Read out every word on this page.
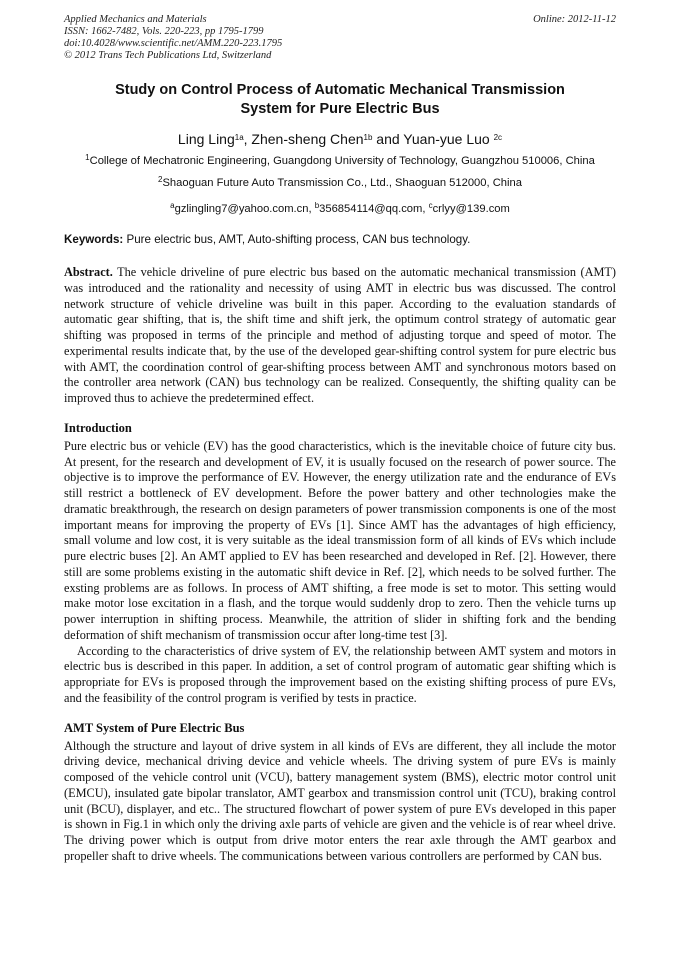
Applied Mechanics and Materials
ISSN: 1662-7482, Vols. 220-223, pp 1795-1799
doi:10.4028/www.scientific.net/AMM.220-223.1795
© 2012 Trans Tech Publications Ltd, Switzerland
Online: 2012-11-12
Study on Control Process of Automatic Mechanical Transmission
System for Pure Electric Bus
Ling Ling$^{1a}$, Zhen-sheng Chen$^{1b}$ and Yuan-yue Luo $^{2c}$
$^1$College of Mechatronic Engineering, Guangdong University of Technology, Guangzhou 510006, China
$^2$Shaoguan Future Auto Transmission Co., Ltd., Shaoguan 512000, China
$^a$gzlingling7@yahoo.com.cn, $^b$356854114@qq.com, $^c$crlyy@139.com
Keywords: Pure electric bus, AMT, Auto-shifting process, CAN bus technology.
Abstract. The vehicle driveline of pure electric bus based on the automatic mechanical transmission (AMT) was introduced and the rationality and necessity of using AMT in electric bus was discussed. The control network structure of vehicle driveline was built in this paper. According to the evaluation standards of automatic gear shifting, that is, the shift time and shift jerk, the optimum control strategy of automatic gear shifting was proposed in terms of the principle and method of adjusting torque and speed of motor. The experimental results indicate that, by the use of the developed gear-shifting control system for pure electric bus with AMT, the coordination control of gear-shifting process between AMT and synchronous motors based on the controller area network (CAN) bus technology can be realized. Consequently, the shifting quality can be improved thus to achieve the predetermined effect.
Introduction

Pure electric bus or vehicle (EV) has the good characteristics, which is the inevitable choice of future city bus. At present, for the research and development of EV, it is usually focused on the research of power source. The objective is to improve the performance of EV. However, the energy utilization rate and the endurance of EVs still restrict a bottleneck of EV development. Before the power battery and other technologies make the dramatic breakthrough, the research on design parameters of power transmission components is one of the most important means for improving the property of EVs [1]. Since AMT has the advantages of high efficiency, small volume and low cost, it is very suitable as the ideal transmission form of all kinds of EVs which include pure electric buses [2]. An AMT applied to EV has been researched and developed in Ref. [2]. However, there still are some problems existing in the automatic shift device in Ref. [2], which needs to be solved further. The exsting problems are as follows. In process of AMT shifting, a free mode is set to motor. This setting would make motor lose excitation in a flash, and the torque would suddenly drop to zero. Then the vehicle turns up power interruption in shifting process. Meanwhile, the attrition of slider in shifting fork and the bending deformation of shift mechanism of transmission occur after long-time test [3].

According to the characteristics of drive system of EV, the relationship between AMT system and motors in electric bus is described in this paper. In addition, a set of control program of automatic gear shifting which is appropriate for EVs is proposed through the improvement based on the existing shifting process of pure EVs, and the feasibility of the control program is verified by tests in practice.

AMT System of Pure Electric Bus

Although the structure and layout of drive system in all kinds of EVs are different, they all include the motor driving device, mechanical driving device and vehicle wheels. The driving system of pure EVs is mainly composed of the vehicle control unit (VCU), battery management system (BMS), electric motor control unit (EMCU), insulated gate bipolar translator, AMT gearbox and transmission control unit (TCU), braking control unit (BCU), displayer, and etc.. The structured flowchart of power system of pure EVs developed in this paper is shown in Fig.1 in which only the driving axle parts of vehicle are given and the vehicle is of rear wheel drive. The driving power which is output from drive motor enters the rear axle through the AMT gearbox and propeller shaft to drive wheels. The communications between various controllers are performed by CAN bus.
